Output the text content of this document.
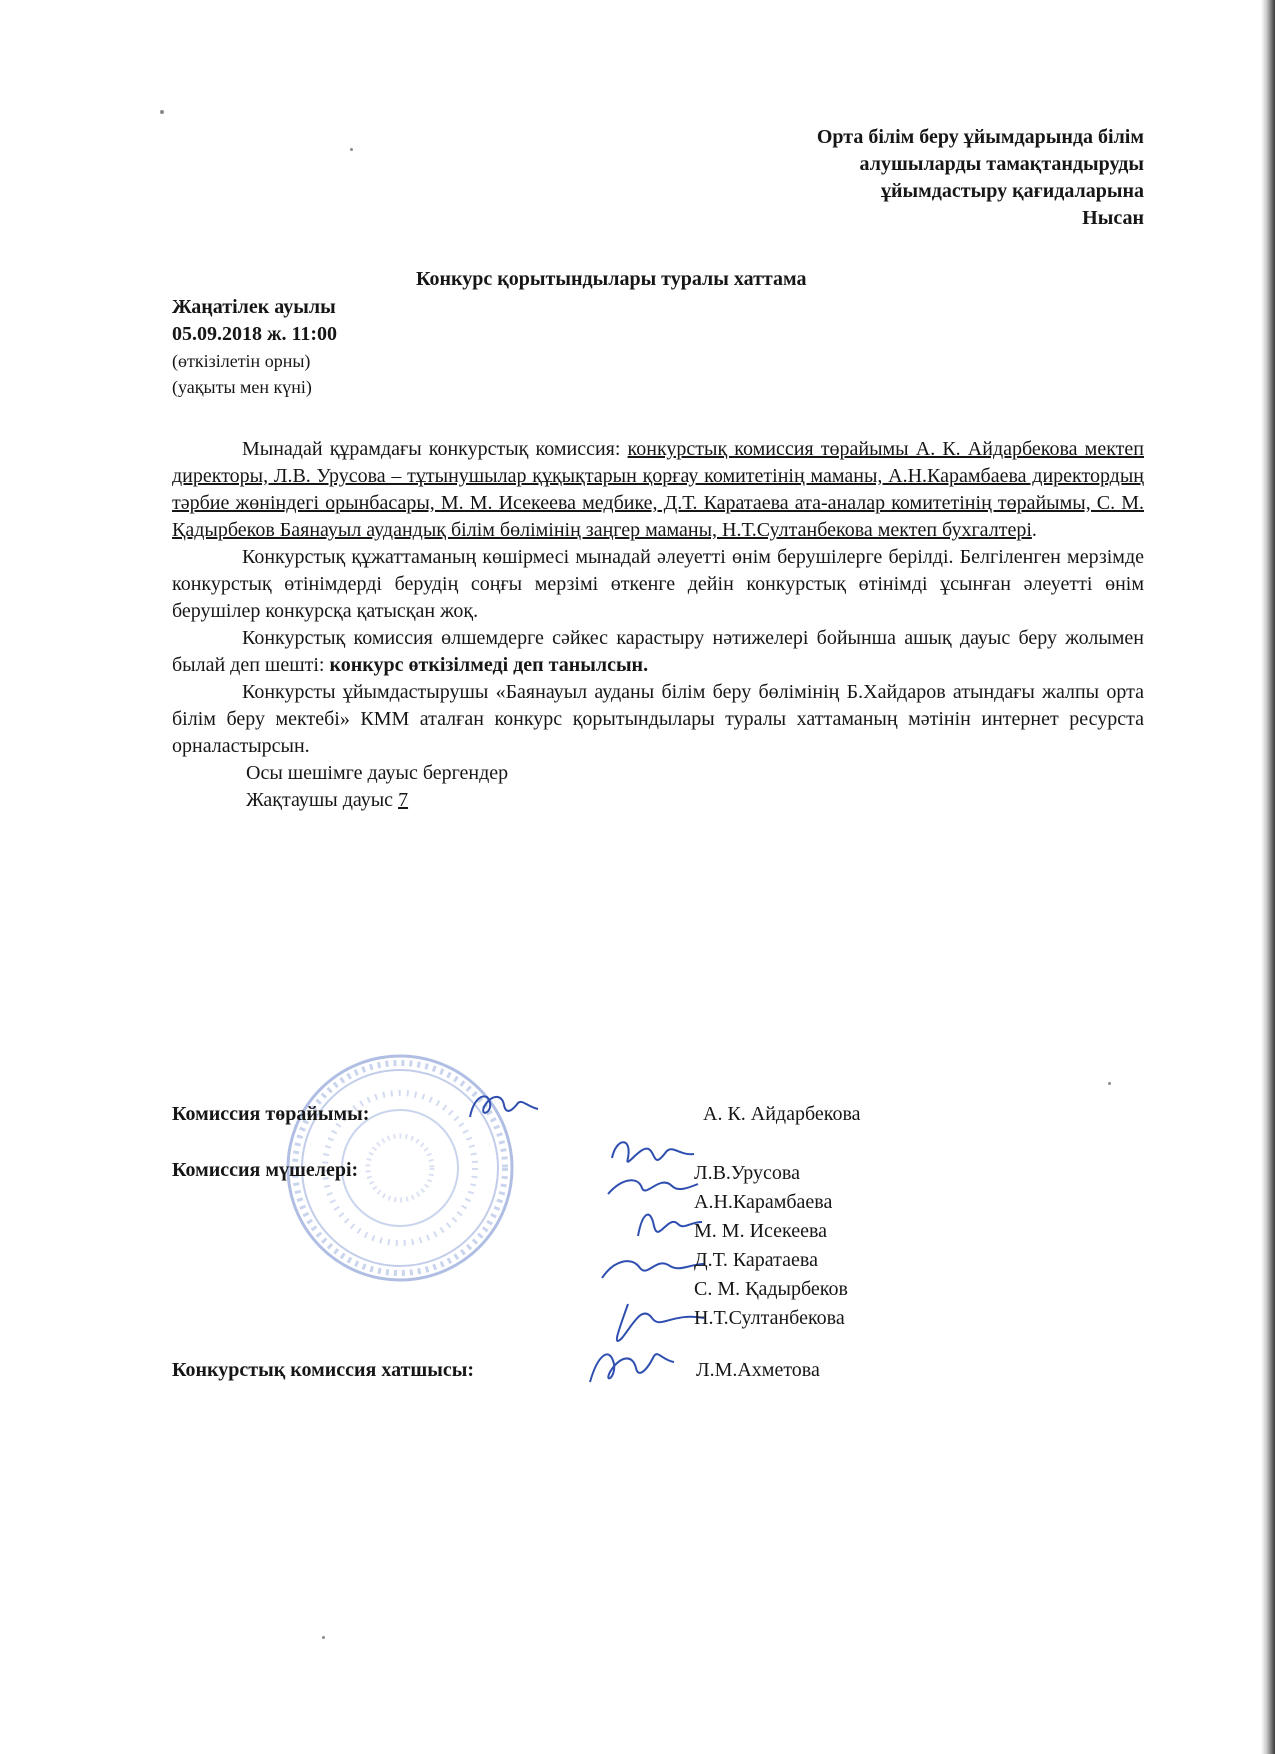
Орта білім беру ұйымдарында білім
алушыларды тамақтандыруды
ұйымдастыру қағидаларына
Нысан
Конкурс қорытындылары туралы хаттама
Жаңатілек ауылы
05.09.2018 ж. 11:00
(өткізілетін орны)
(уақыты мен күні)

Мынадай құрамдағы конкурстық комиссия: конкурстық комиссия төрайымы А. К. Айдарбекова мектеп директоры, Л.В. Урусова – тұтынушылар құқықтарын қорғау комитетінің маманы, А.Н.Карамбаева директордың тәрбие жөніндегі орынбасары, М. М. Исекеева медбике, Д.Т. Каратаева ата-аналар комитетінің төрайымы, С. М. Қадырбеков Баянауыл аудандық білім бөлімінің заңгер маманы, Н.Т.Султанбекова мектеп бухгалтері.

Конкурстық құжаттаманың көшірмесі мынадай әлеуетті өнім берушілерге берілді. Белгіленген мерзімде конкурстық өтінімдерді берудің соңғы мерзімі өткенге дейін конкурстық өтінімді ұсынған әлеуетті өнім берушілер конкурсқа қатысқан жоқ.

Конкурстық комиссия өлшемдерге сәйкес карастыру нәтижелері бойынша ашық дауыс беру жолымен былай деп шешті: конкурс өткізілмеді деп танылсын.

Конкурсты ұйымдастырушы «Баянауыл ауданы білім беру бөлімінің Б.Хайдаров атындағы жалпы орта білім беру мектебі» КММ аталған конкурс қорытындылары туралы хаттаманың мәтінін интернет ресурста орналастырсын.

Осы шешімге дауыс бергендер

Жақтаушы дауыс 7

Комиссия төрайымы:	А. К. Айдарбекова
Комиссия мүшелері:	Л.В.Урусова
А.Н.Карамбаева
М. М. Исекеева
Д.Т. Каратаева
С. М. Қадырбеков
Н.Т.Султанбекова
Конкурстық комиссия хатшысы:	Л.М.Ахметова
